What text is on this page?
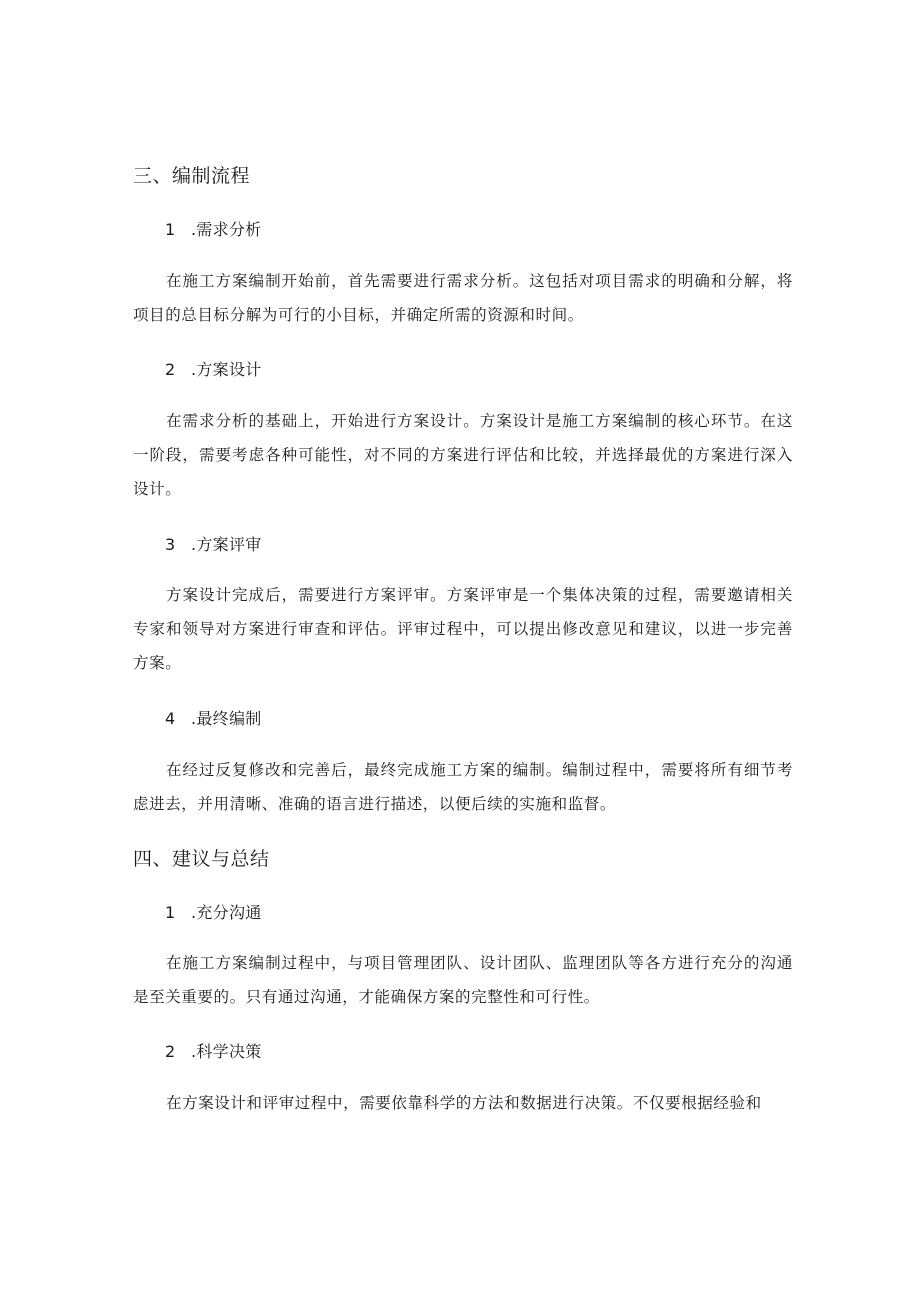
三、编制流程
1 .需求分析

在施工方案编制开始前，首先需要进行需求分析。这包括对项目需求的明确和分解，将项目的总目标分解为可行的小目标，并确定所需的资源和时间。

2 .方案设计

在需求分析的基础上，开始进行方案设计。方案设计是施工方案编制的核心环节。在这一阶段，需要考虑各种可能性，对不同的方案进行评估和比较，并选择最优的方案进行深入设计。

3 .方案评审

方案设计完成后，需要进行方案评审。方案评审是一个集体决策的过程，需要邀请相关专家和领导对方案进行审查和评估。评审过程中，可以提出修改意见和建议，以进一步完善方案。

4 .最终编制

在经过反复修改和完善后，最终完成施工方案的编制。编制过程中，需要将所有细节考虑进去，并用清晰、准确的语言进行描述，以便后续的实施和监督。

四、建议与总结
1 .充分沟通

在施工方案编制过程中，与项目管理团队、设计团队、监理团队等各方进行充分的沟通是至关重要的。只有通过沟通，才能确保方案的完整性和可行性。

2 .科学决策

在方案设计和评审过程中，需要依靠科学的方法和数据进行决策。不仅要根据经验和
